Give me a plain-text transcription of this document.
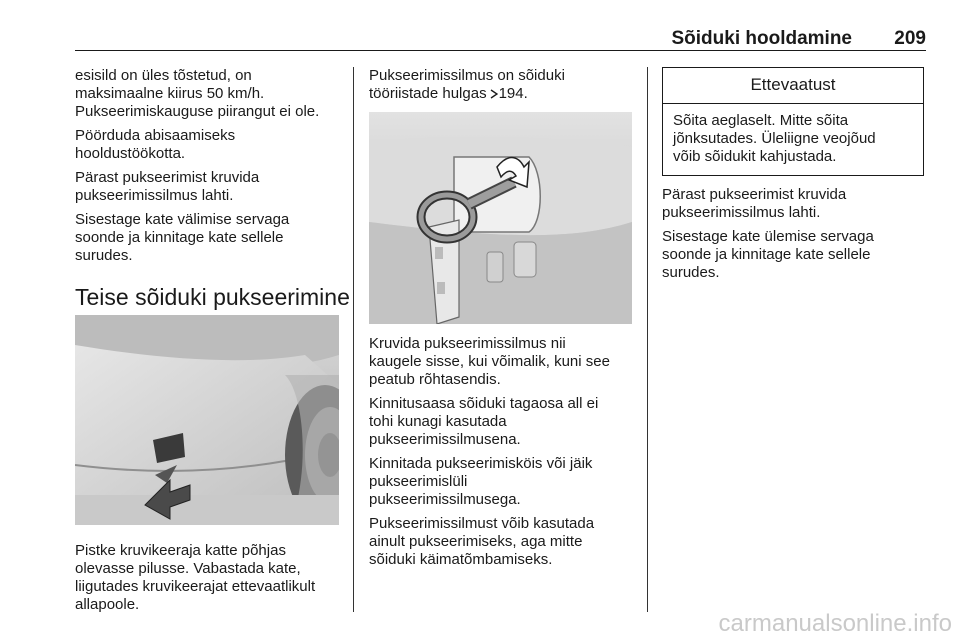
Sõiduki hooldamine 209

esisild on üles tõstetud, on
maksimaalne kiirus 50 km/h.
Pukseerimiskauguse piirangut ei ole.

Pöörduda abisaamiseks
hooldustöökotta.

Pärast pukseerimist kruvida
pukseerimissilmus lahti.

Sisestage kate välimise servaga
soonde ja kinnitage kate sellele
surudes.

Teise sõiduki pukseerimine

Pistke kruvikeeraja katte põhjas
olevasse pilusse. Vabastada kate,
liigutades kruvikeerajat ettevaatlikult
allapoole.

Pukseerimissilmus on sõiduki
tööriistade hulgas 194.

Kruvida pukseerimissilmus nii
kaugele sisse, kui võimalik, kuni see
peatub rõhtasendis.

Kinnitusaasa sõiduki tagaosa all ei
tohi kunagi kasutada
pukseerimissilmusena.

Kinnitada pukseerimisköis või jäik
pukseerimislüli
pukseerimissilmusega.

Pukseerimissilmust võib kasutada
ainult pukseerimiseks, aga mitte
sõiduki käimatõmbamiseks.

Ettevaatust
Sõita aeglaselt. Mitte sõita
jõnksutades. Üleliigne veojõud
võib sõidukit kahjustada.

Pärast pukseerimist kruvida
pukseerimissilmus lahti.

Sisestage kate ülemise servaga
soonde ja kinnitage kate sellele
surudes.

carmanualsonline.info
